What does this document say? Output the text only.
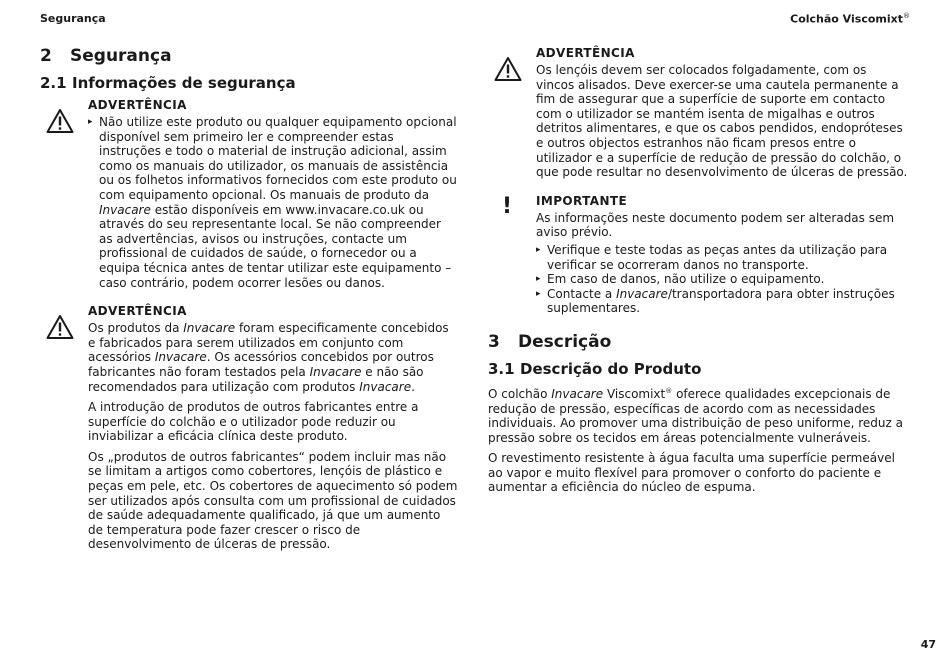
Segurança	Colchão Viscomixt®
2	Segurança
2.1 Informações de segurança
ADVERTÊNCIA
▸ Não utilize este produto ou qualquer equipamento opcional disponível sem primeiro ler e compreender estas instruções e todo o material de instrução adicional, assim como os manuais do utilizador, os manuais de assistência ou os folhetos informativos fornecidos com este produto ou com equipamento opcional. Os manuais de produto da Invacare estão disponíveis em www.invacare.co.uk ou através do seu representante local. Se não compreender as advertências, avisos ou instruções, contacte um profissional de cuidados de saúde, o fornecedor ou a equipa técnica antes de tentar utilizar este equipamento – caso contrário, podem ocorrer lesões ou danos.
ADVERTÊNCIA

Os produtos da Invacare foram especificamente concebidos e fabricados para serem utilizados em conjunto com acessórios Invacare. Os acessórios concebidos por outros fabricantes não foram testados pela Invacare e não são recomendados para utilização com produtos Invacare.

A introdução de produtos de outros fabricantes entre a superfície do colchão e o utilizador pode reduzir ou inviabilizar a eficácia clínica deste produto.

Os „produtos de outros fabricantes“ podem incluir mas não se limitam a artigos como cobertores, lençóis de plástico e peças em pele, etc. Os cobertores de aquecimento só podem ser utilizados após consulta com um profissional de cuidados de saúde adequadamente qualificado, já que um aumento de temperatura pode fazer crescer o risco de desenvolvimento de úlceras de pressão.

ADVERTÊNCIA

Os lençóis devem ser colocados folgadamente, com os vincos alisados. Deve exercer-se uma cautela permanente a fim de assegurar que a superfície de suporte em contacto com o utilizador se mantém isenta de migalhas e outros detritos alimentares, e que os cabos pendidos, endopróteses e outros objectos estranhos não ficam presos entre o utilizador e a superfície de redução de pressão do colchão, o que pode resultar no desenvolvimento de úlceras de pressão.

!	IMPORTANTE

As informações neste documento podem ser alteradas sem aviso prévio.

▸ Verifique e teste todas as peças antes da utilização para verificar se ocorreram danos no transporte.
▸ Em caso de danos, não utilize o equipamento.
▸ Contacte a Invacare/transportadora para obter instruções suplementares.
3	Descrição
3.1 Descrição do Produto

O colchão Invacare Viscomixt® oferece qualidades excepcionais de redução de pressão, específicas de acordo com as necessidades individuais. Ao promover uma distribuição de peso uniforme, reduz a pressão sobre os tecidos em áreas potencialmente vulneráveis.

O revestimento resistente à água faculta uma superfície permeável ao vapor e muito flexível para promover o conforto do paciente e aumentar a eficiência do núcleo de espuma.

47
